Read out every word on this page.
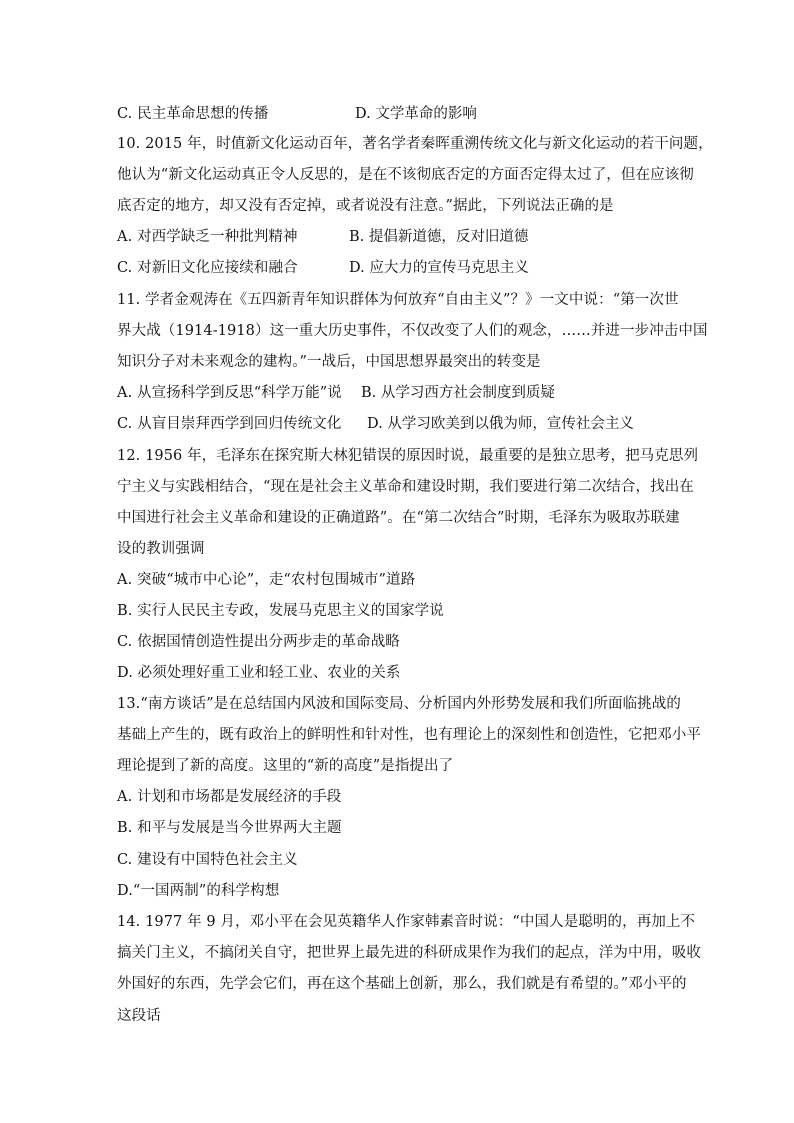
C. 民主革命思想的传播	D. 文学革命的影响
10. 2015 年，时值新文化运动百年，著名学者秦晖重溯传统文化与新文化运动的若干问题，
他认为“新文化运动真正令人反思的，是在不该彻底否定的方面否定得太过了，但在应该彻
底否定的地方，却又没有否定掉，或者说没有注意。”据此，下列说法正确的是
A. 对西学缺乏一种批判精神	B. 提倡新道德，反对旧道德
C. 对新旧文化应接续和融合	D. 应大力的宣传马克思主义
11. 学者金观涛在《五四新青年知识群体为何放弃“自由主义”？》一文中说：“第一次世
界大战（1914-1918）这一重大历史事件，不仅改变了人们的观念，……并进一步冲击中国
知识分子对未来观念的建构。”一战后，中国思想界最突出的转变是
A. 从宣扬科学到反思“科学万能”说 B. 从学习西方社会制度到质疑
C. 从盲目崇拜西学到回归传统文化 D. 从学习欧美到以俄为师，宣传社会主义
12. 1956 年，毛泽东在探究斯大林犯错误的原因时说，最重要的是独立思考，把马克思列
宁主义与实践相结合，“现在是社会主义革命和建设时期，我们要进行第二次结合，找出在
中国进行社会主义革命和建设的正确道路”。在“第二次结合”时期，毛泽东为吸取苏联建
设的教训强调
A. 突破“城市中心论”，走“农村包围城市”道路
B. 实行人民民主专政，发展马克思主义的国家学说
C. 依据国情创造性提出分两步走的革命战略
D. 必须处理好重工业和轻工业、农业的关系
13.“南方谈话”是在总结国内风波和国际变局、分析国内外形势发展和我们所面临挑战的
基础上产生的，既有政治上的鲜明性和针对性，也有理论上的深刻性和创造性，它把邓小平
理论提到了新的高度。这里的“新的高度”是指提出了
A. 计划和市场都是发展经济的手段
B. 和平与发展是当今世界两大主题
C. 建设有中国特色社会主义
D.“一国两制”的科学构想
14. 1977 年 9 月，邓小平在会见英籍华人作家韩素音时说：“中国人是聪明的，再加上不
搞关门主义，不搞闭关自守，把世界上最先进的科研成果作为我们的起点，洋为中用，吸收
外国好的东西，先学会它们，再在这个基础上创新，那么，我们就是有希望的。”邓小平的
这段话
